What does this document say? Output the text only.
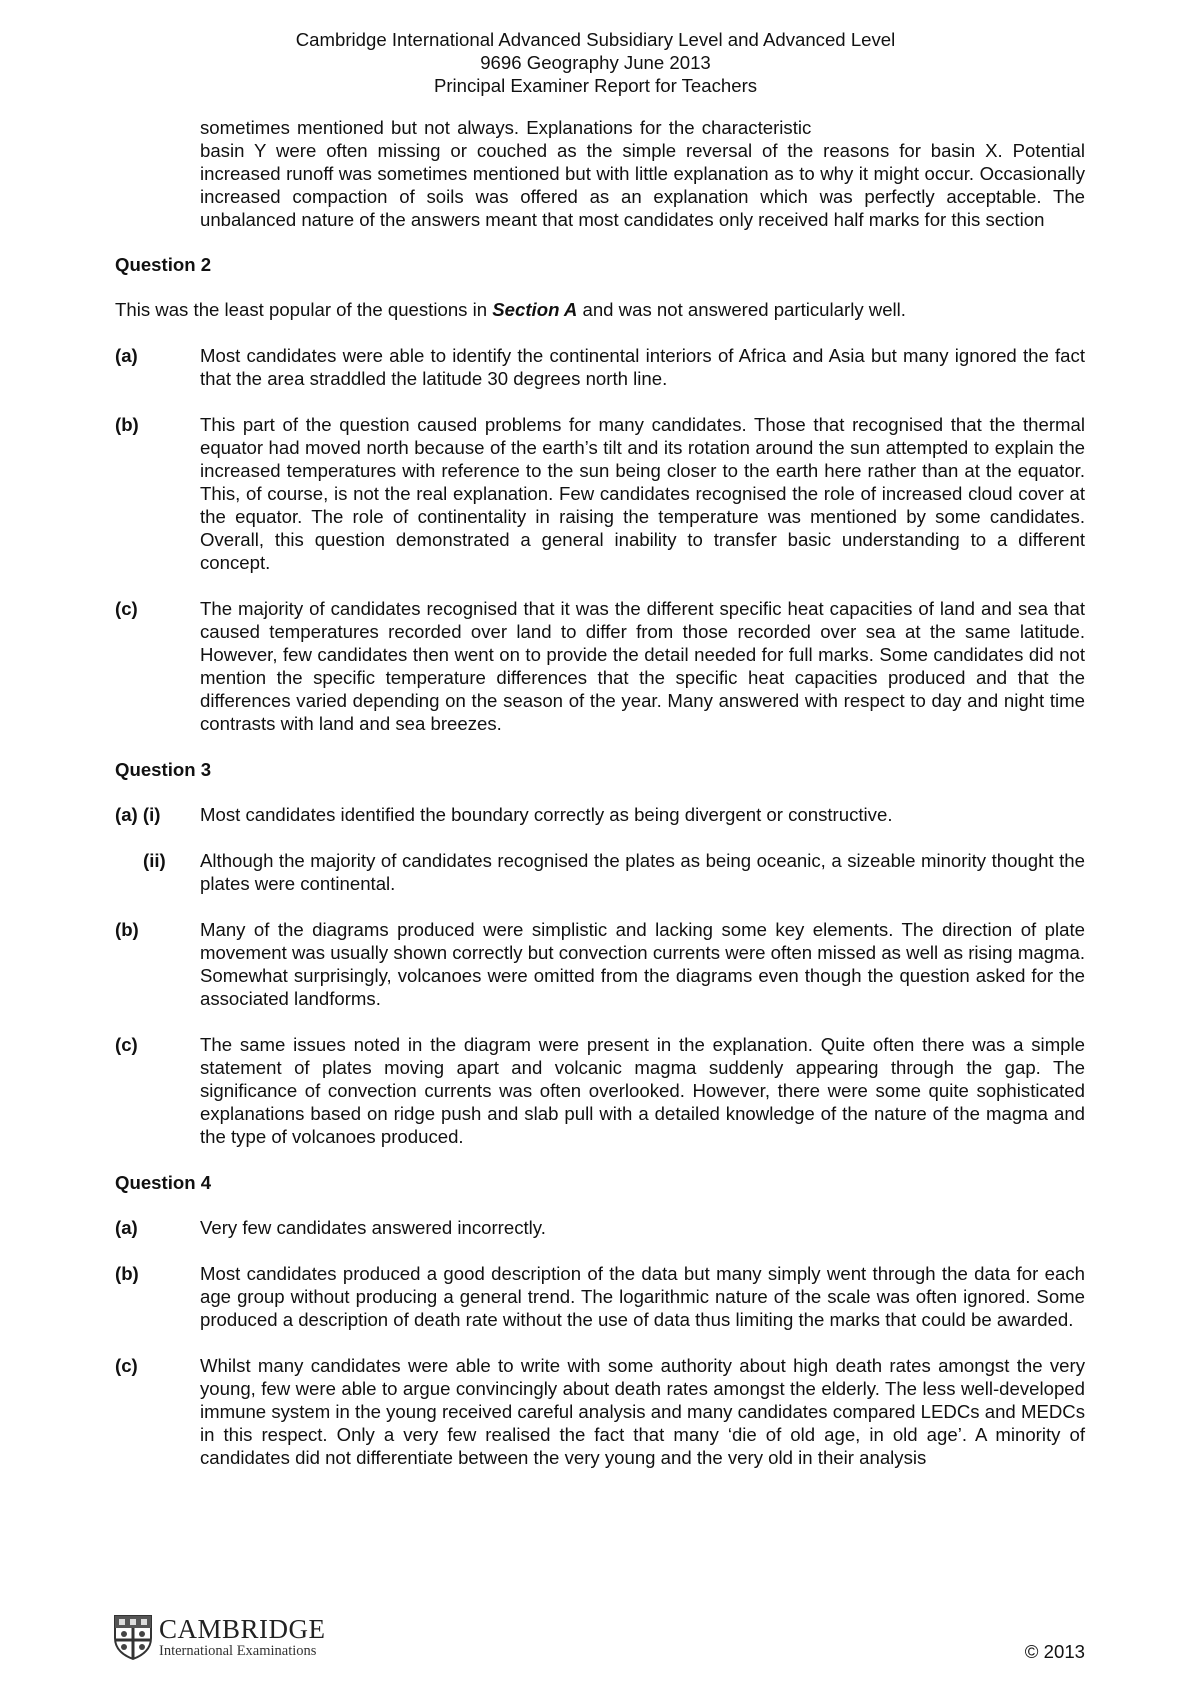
Cambridge International Advanced Subsidiary Level and Advanced Level
9696 Geography June 2013
Principal Examiner Report for Teachers
sometimes mentioned but not always. Explanations for the characteristic
basin Y were often missing or couched as the simple reversal of the reasons for basin X. Potential increased runoff was sometimes mentioned but with little explanation as to why it might occur. Occasionally increased compaction of soils was offered as an explanation which was perfectly acceptable. The unbalanced nature of the answers meant that most candidates only received half marks for this section
Question 2

This was the least popular of the questions in Section A and was not answered particularly well.

(a)	Most candidates were able to identify the continental interiors of Africa and Asia but many ignored the fact that the area straddled the latitude 30 degrees north line.
(b)	This part of the question caused problems for many candidates. Those that recognised that the thermal equator had moved north because of the earth’s tilt and its rotation around the sun attempted to explain the increased temperatures with reference to the sun being closer to the earth here rather than at the equator. This, of course, is not the real explanation. Few candidates recognised the role of increased cloud cover at the equator. The role of continentality in raising the temperature was mentioned by some candidates. Overall, this question demonstrated a general inability to transfer basic understanding to a different concept.
(c)	The majority of candidates recognised that it was the different specific heat capacities of land and sea that caused temperatures recorded over land to differ from those recorded over sea at the same latitude. However, few candidates then went on to provide the detail needed for full marks. Some candidates did not mention the specific temperature differences that the specific heat capacities produced and that the differences varied depending on the season of the year. Many answered with respect to day and night time contrasts with land and sea breezes.
Question 3
(a) (i)	Most candidates identified the boundary correctly as being divergent or constructive.
(ii)	Although the majority of candidates recognised the plates as being oceanic, a sizeable minority thought the plates were continental.
(b)	Many of the diagrams produced were simplistic and lacking some key elements. The direction of plate movement was usually shown correctly but convection currents were often missed as well as rising magma. Somewhat surprisingly, volcanoes were omitted from the diagrams even though the question asked for the associated landforms.
(c)	The same issues noted in the diagram were present in the explanation. Quite often there was a simple statement of plates moving apart and volcanic magma suddenly appearing through the gap. The significance of convection currents was often overlooked. However, there were some quite sophisticated explanations based on ridge push and slab pull with a detailed knowledge of the nature of the magma and the type of volcanoes produced.
Question 4
(a)	Very few candidates answered incorrectly.
(b)	Most candidates produced a good description of the data but many simply went through the data for each age group without producing a general trend. The logarithmic nature of the scale was often ignored. Some produced a description of death rate without the use of data thus limiting the marks that could be awarded.
(c)	Whilst many candidates were able to write with some authority about high death rates amongst the very young, few were able to argue convincingly about death rates amongst the elderly. The less well-developed immune system in the young received careful analysis and many candidates compared LEDCs and MEDCs in this respect. Only a very few realised the fact that many ‘die of old age, in old age’. A minority of candidates did not differentiate between the very young and the very old in their analysis
CAMBRIDGE
International Examinations	© 2013
